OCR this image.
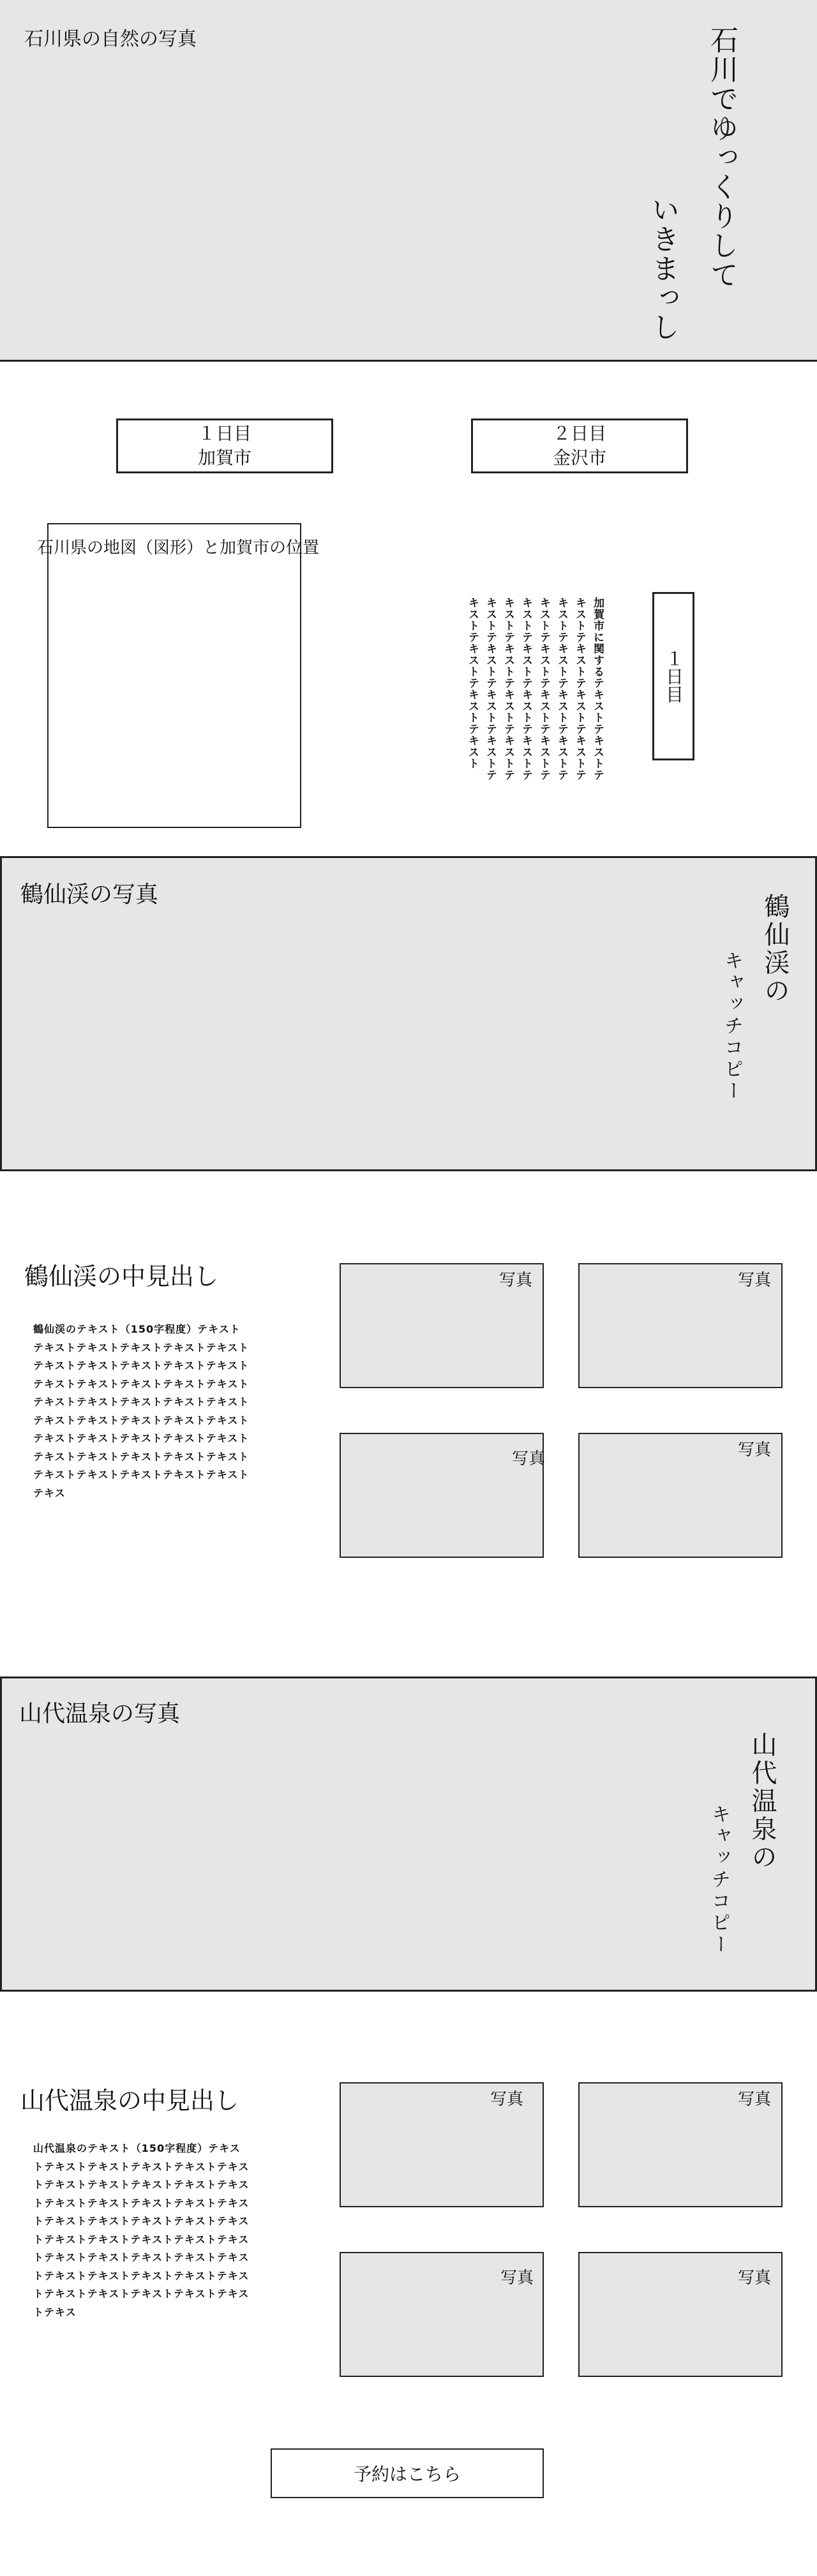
石川県の自然の写真	石川でゆっくりして
いきまっし
１日目
加賀市
２日目
金沢市
石川県の地図（図形）と加賀市の位置
加賀市に関するテキストテキストテキストテキストテキストテキストテキストテキストテキストテキストテキストテキストテキストテキストテキストテキストテキストテキストテキストテキストテキストテキストテキストテキストテキストテキストテキストテキストテキストテキスト	１日目
鶴仙渓の写真	鶴仙渓の
キャッチコピー
鶴仙渓の中見出し
鶴仙渓のテキスト（150字程度）テキストテキストテキストテキストテキストテキストテキストテキストテキストテキストテキストテキストテキストテキストテキストテキストテキストテキストテキストテキストテキストテキストテキストテキストテキストテキストテキストテキストテキストテキストテキストテキストテキストテキストテキストテキストテキストテキストテキストテキストテキストテキス
写真	写真
写真	写真
山代温泉の写真
山代温泉の
キャッチコピー
山代温泉の中見出し
山代温泉のテキスト（150字程度）テキストテキストテキストテキストテキストテキストテキストテキストテキストテキストテキストテキストテキストテキストテキストテキストテキストテキストテキストテキストテキストテキストテキストテキストテキストテキストテキストテキストテキストテキストテキストテキストテキストテキストテキストテキストテキストテキストテキストテキストテキストテキス
写真	写真
写真	写真
予約はこちら
